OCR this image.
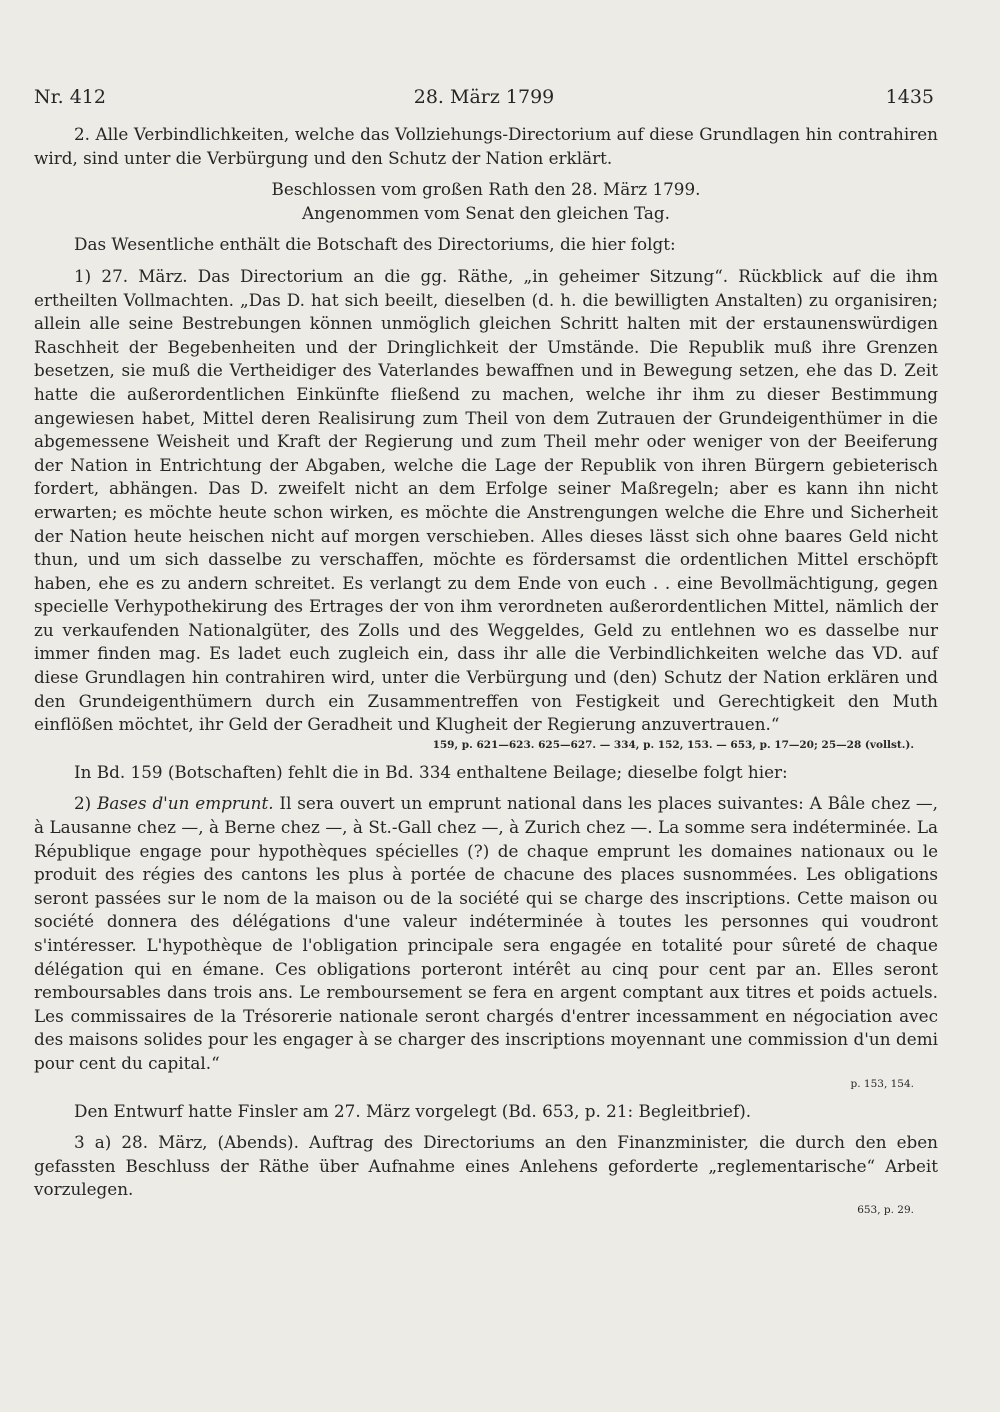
Nr. 412	28. März 1799	1435

2. Alle Verbindlichkeiten, welche das Vollziehungs-Directorium auf diese Grundlagen hin contrahiren wird, sind unter die Verbürgung und den Schutz der Nation erklärt.

Beschlossen vom großen Rath den 28. März 1799.

Angenommen vom Senat den gleichen Tag.

Das Wesentliche enthält die Botschaft des Directoriums, die hier folgt:

1) 27. März. Das Directorium an die gg. Räthe, „in geheimer Sitzung“. Rückblick auf die ihm ertheilten Vollmachten. „Das D. hat sich beeilt, dieselben (d. h. die bewilligten Anstalten) zu organisiren; allein alle seine Bestrebungen können unmöglich gleichen Schritt halten mit der erstaunenswürdigen Raschheit der Begebenheiten und der Dringlichkeit der Umstände. Die Republik muß ihre Grenzen besetzen, sie muß die Vertheidiger des Vaterlandes bewaffnen und in Bewegung setzen, ehe das D. Zeit hatte die außerordentlichen Einkünfte fließend zu machen, welche ihr ihm zu dieser Bestimmung angewiesen habet, Mittel deren Realisirung zum Theil von dem Zutrauen der Grundeigenthümer in die abgemessene Weisheit und Kraft der Regierung und zum Theil mehr oder weniger von der Beeiferung der Nation in Entrichtung der Abgaben, welche die Lage der Republik von ihren Bürgern gebieterisch fordert, abhängen. Das D. zweifelt nicht an dem Erfolge seiner Maßregeln; aber es kann ihn nicht erwarten; es möchte heute schon wirken, es möchte die Anstrengungen welche die Ehre und Sicherheit der Nation heute heischen nicht auf morgen verschieben. Alles dieses lässt sich ohne baares Geld nicht thun, und um sich dasselbe zu verschaffen, möchte es fördersamst die ordentlichen Mittel erschöpft haben, ehe es zu andern schreitet. Es verlangt zu dem Ende von euch . . eine Bevollmächtigung, gegen specielle Verhypothekirung des Ertrages der von ihm verordneten außerordentlichen Mittel, nämlich der zu verkaufenden Nationalgüter, des Zolls und des Weggeldes, Geld zu entlehnen wo es dasselbe nur immer finden mag. Es ladet euch zugleich ein, dass ihr alle die Verbindlichkeiten welche das VD. auf diese Grundlagen hin contrahiren wird, unter die Verbürgung und (den) Schutz der Nation erklären und den Grundeigenthümern durch ein Zusammentreffen von Festigkeit und Gerechtigkeit den Muth einflößen möchtet, ihr Geld der Geradheit und Klugheit der Regierung anzuvertrauen.“

159, p. 621—623. 625—627. — 334, p. 152, 153. — 653, p. 17—20; 25—28 (vollst.).

In Bd. 159 (Botschaften) fehlt die in Bd. 334 enthaltene Beilage; dieselbe folgt hier:

2) Bases d'un emprunt. Il sera ouvert un emprunt national dans les places suivantes: A Bâle chez —, à Lausanne chez —, à Berne chez —, à St.-Gall chez —, à Zurich chez —. La somme sera indéterminée. La République engage pour hypothèques spécielles (?) de chaque emprunt les domaines nationaux ou le produit des régies des cantons les plus à portée de chacune des places susnommées. Les obligations seront passées sur le nom de la maison ou de la société qui se charge des inscriptions. Cette maison ou société donnera des délégations d'une valeur indéterminée à toutes les personnes qui voudront s'intéresser. L'hypothèque de l'obligation principale sera engagée en totalité pour sûreté de chaque délégation qui en émane. Ces obligations porteront intérêt au cinq pour cent par an. Elles seront remboursables dans trois ans. Le remboursement se fera en argent comptant aux titres et poids actuels. Les commissaires de la Trésorerie nationale seront chargés d'entrer incessamment en négociation avec des maisons solides pour les engager à se charger des inscriptions moyennant une commission d'un demi pour cent du capital.“

p. 153, 154.

Den Entwurf hatte Finsler am 27. März vorgelegt (Bd. 653, p. 21: Begleitbrief).

3 a) 28. März, (Abends). Auftrag des Directoriums an den Finanzminister, die durch den eben gefassten Beschluss der Räthe über Aufnahme eines Anlehens geforderte „reglementarische“ Arbeit vorzulegen.

653, p. 29.
